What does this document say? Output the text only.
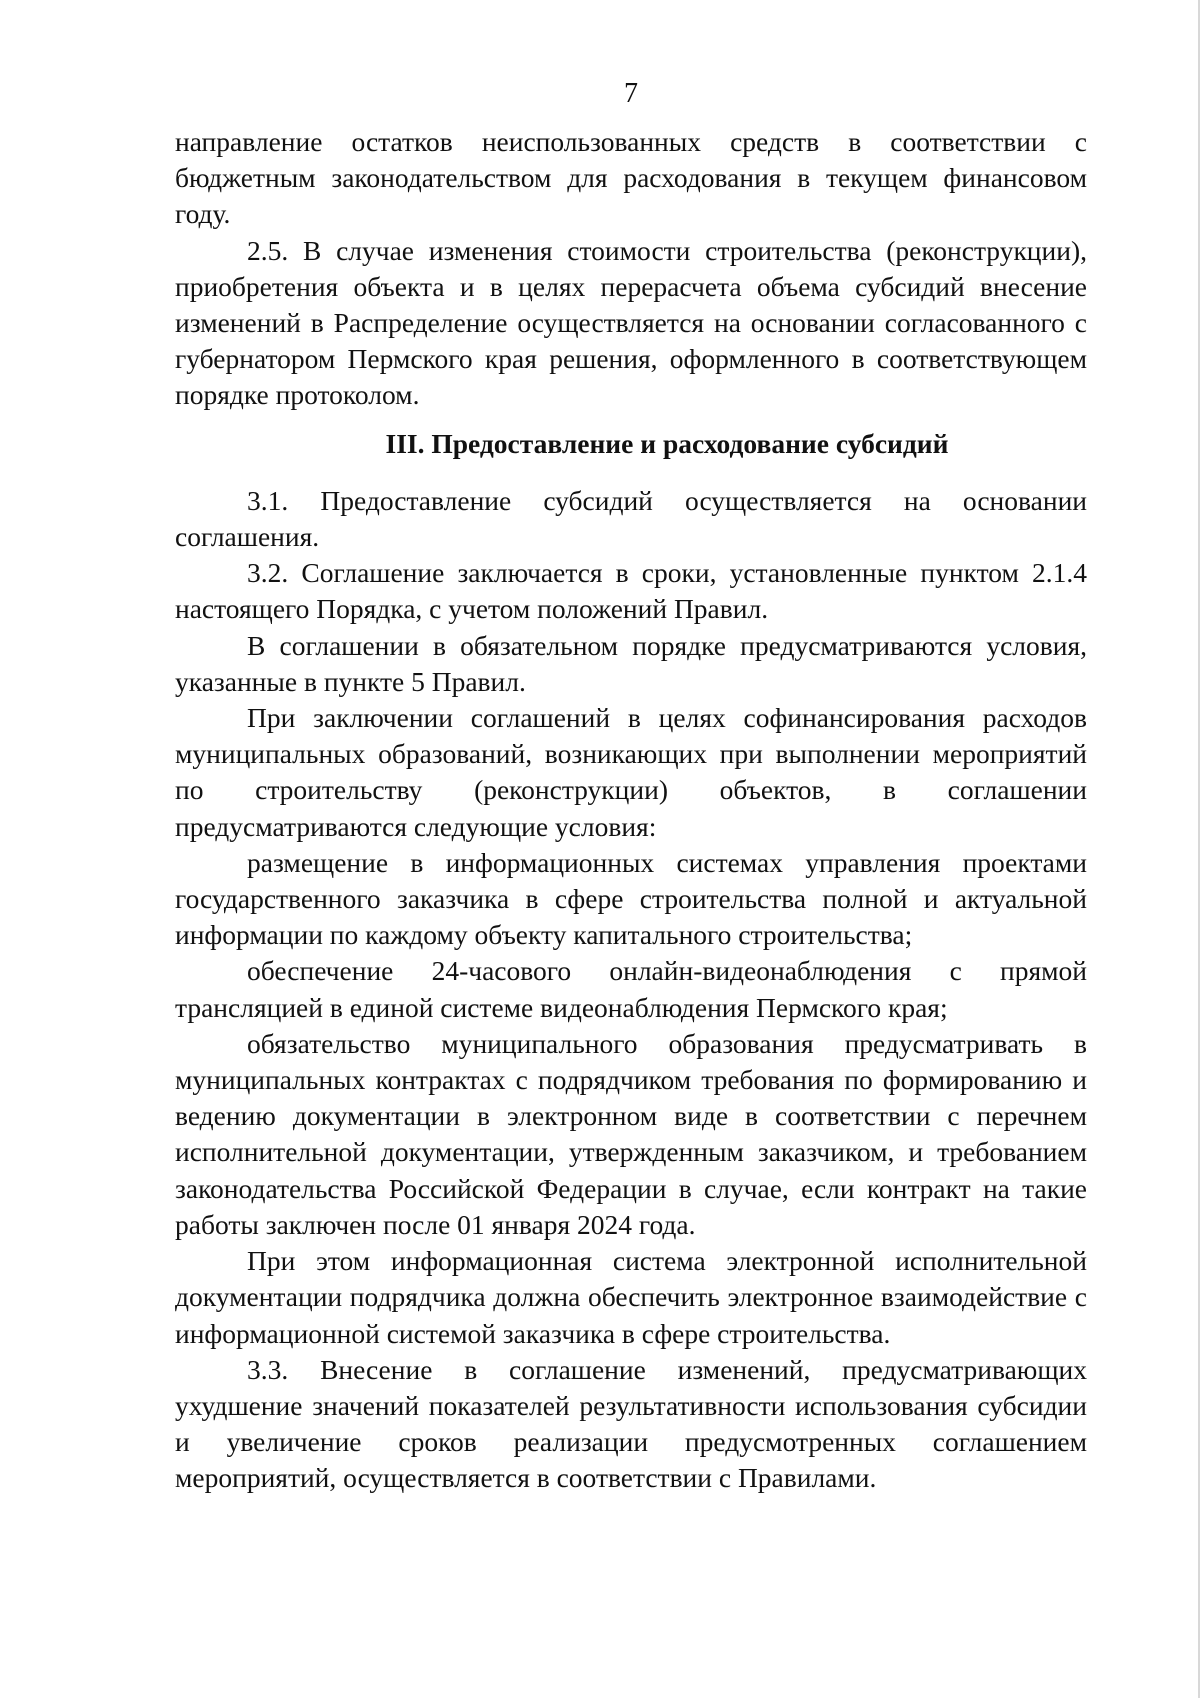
7

направление остатков неиспользованных средств в соответствии с бюджетным законодательством для расходования в текущем финансовом году.

2.5. В случае изменения стоимости строительства (реконструкции), приобретения объекта и в целях перерасчета объема субсидий внесение изменений в Распределение осуществляется на основании согласованного с губернатором Пермского края решения, оформленного в соответствующем порядке протоколом.

III. Предоставление и расходование субсидий

3.1. Предоставление субсидий осуществляется на основании соглашения.

3.2. Соглашение заключается в сроки, установленные пунктом 2.1.4 настоящего Порядка, с учетом положений Правил.

В соглашении в обязательном порядке предусматриваются условия, указанные в пункте 5 Правил.

При заключении соглашений в целях софинансирования расходов муниципальных образований, возникающих при выполнении мероприятий по строительству (реконструкции) объектов, в соглашении предусматриваются следующие условия:

размещение в информационных системах управления проектами государственного заказчика в сфере строительства полной и актуальной информации по каждому объекту капитального строительства;

обеспечение 24-часового онлайн-видеонаблюдения с прямой трансляцией в единой системе видеонаблюдения Пермского края;

обязательство муниципального образования предусматривать в муниципальных контрактах с подрядчиком требования по формированию и ведению документации в электронном виде в соответствии с перечнем исполнительной документации, утвержденным заказчиком, и требованием законодательства Российской Федерации в случае, если контракт на такие работы заключен после 01 января 2024 года.

При этом информационная система электронной исполнительной документации подрядчика должна обеспечить электронное взаимодействие с информационной системой заказчика в сфере строительства.

3.3. Внесение в соглашение изменений, предусматривающих ухудшение значений показателей результативности использования субсидии и увеличение сроков реализации предусмотренных соглашением мероприятий, осуществляется в соответствии с Правилами.
